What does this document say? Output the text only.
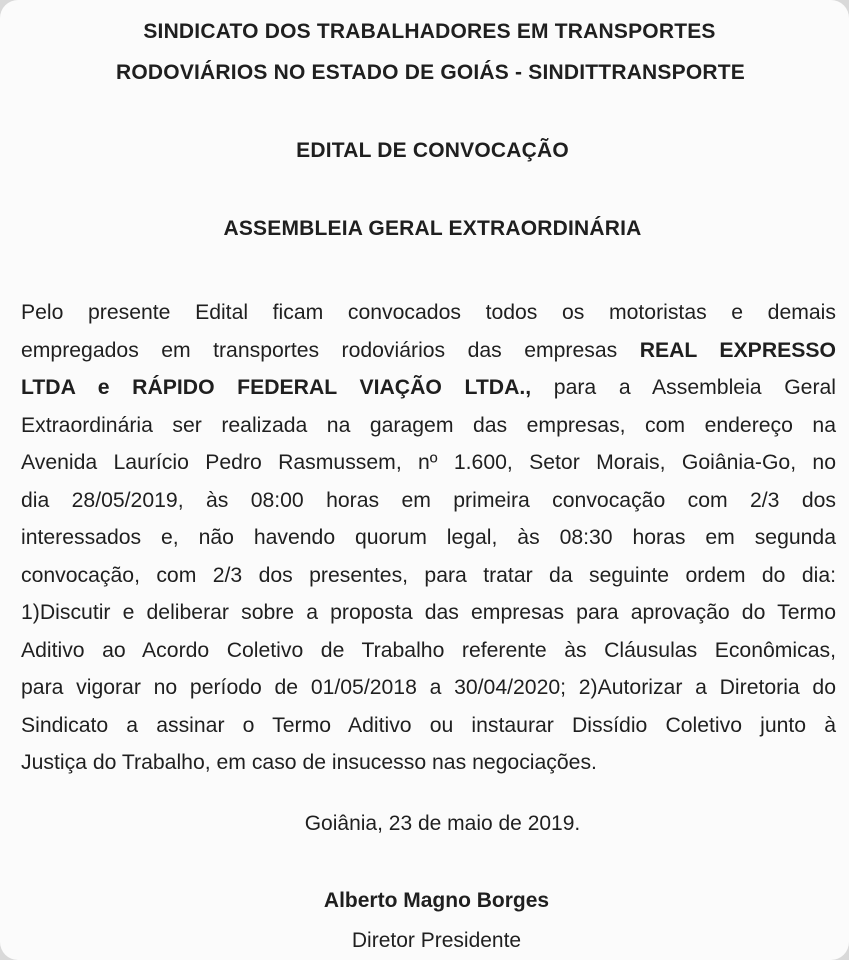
SINDICATO DOS TRABALHADORES EM TRANSPORTES
RODOVIÁRIOS NO ESTADO DE GOIÁS - SINDITTRANSPORTE
EDITAL DE CONVOCAÇÃO
ASSEMBLEIA GERAL EXTRAORDINÁRIA
Pelo presente Edital ficam convocados todos os motoristas e demais
empregados em transportes rodoviários das empresas REAL EXPRESSO
LTDA e RÁPIDO FEDERAL VIAÇÃO LTDA., para a Assembleia Geral
Extraordinária ser realizada na garagem das empresas, com endereço na
Avenida Laurício Pedro Rasmussem, nº 1.600, Setor Morais, Goiânia-Go, no
dia 28/05/2019, às 08:00 horas em primeira convocação com 2/3 dos
interessados e, não havendo quorum legal, às 08:30 horas em segunda
convocação, com 2/3 dos presentes, para tratar da seguinte ordem do dia:
1)Discutir e deliberar sobre a proposta das empresas para aprovação do Termo
Aditivo ao Acordo Coletivo de Trabalho referente às Cláusulas Econômicas,
para vigorar no período de 01/05/2018 a 30/04/2020; 2)Autorizar a Diretoria do
Sindicato a assinar o Termo Aditivo ou instaurar Dissídio Coletivo junto à
Justiça do Trabalho, em caso de insucesso nas negociações.
Goiânia, 23 de maio de 2019.
Alberto Magno Borges
Diretor Presidente
